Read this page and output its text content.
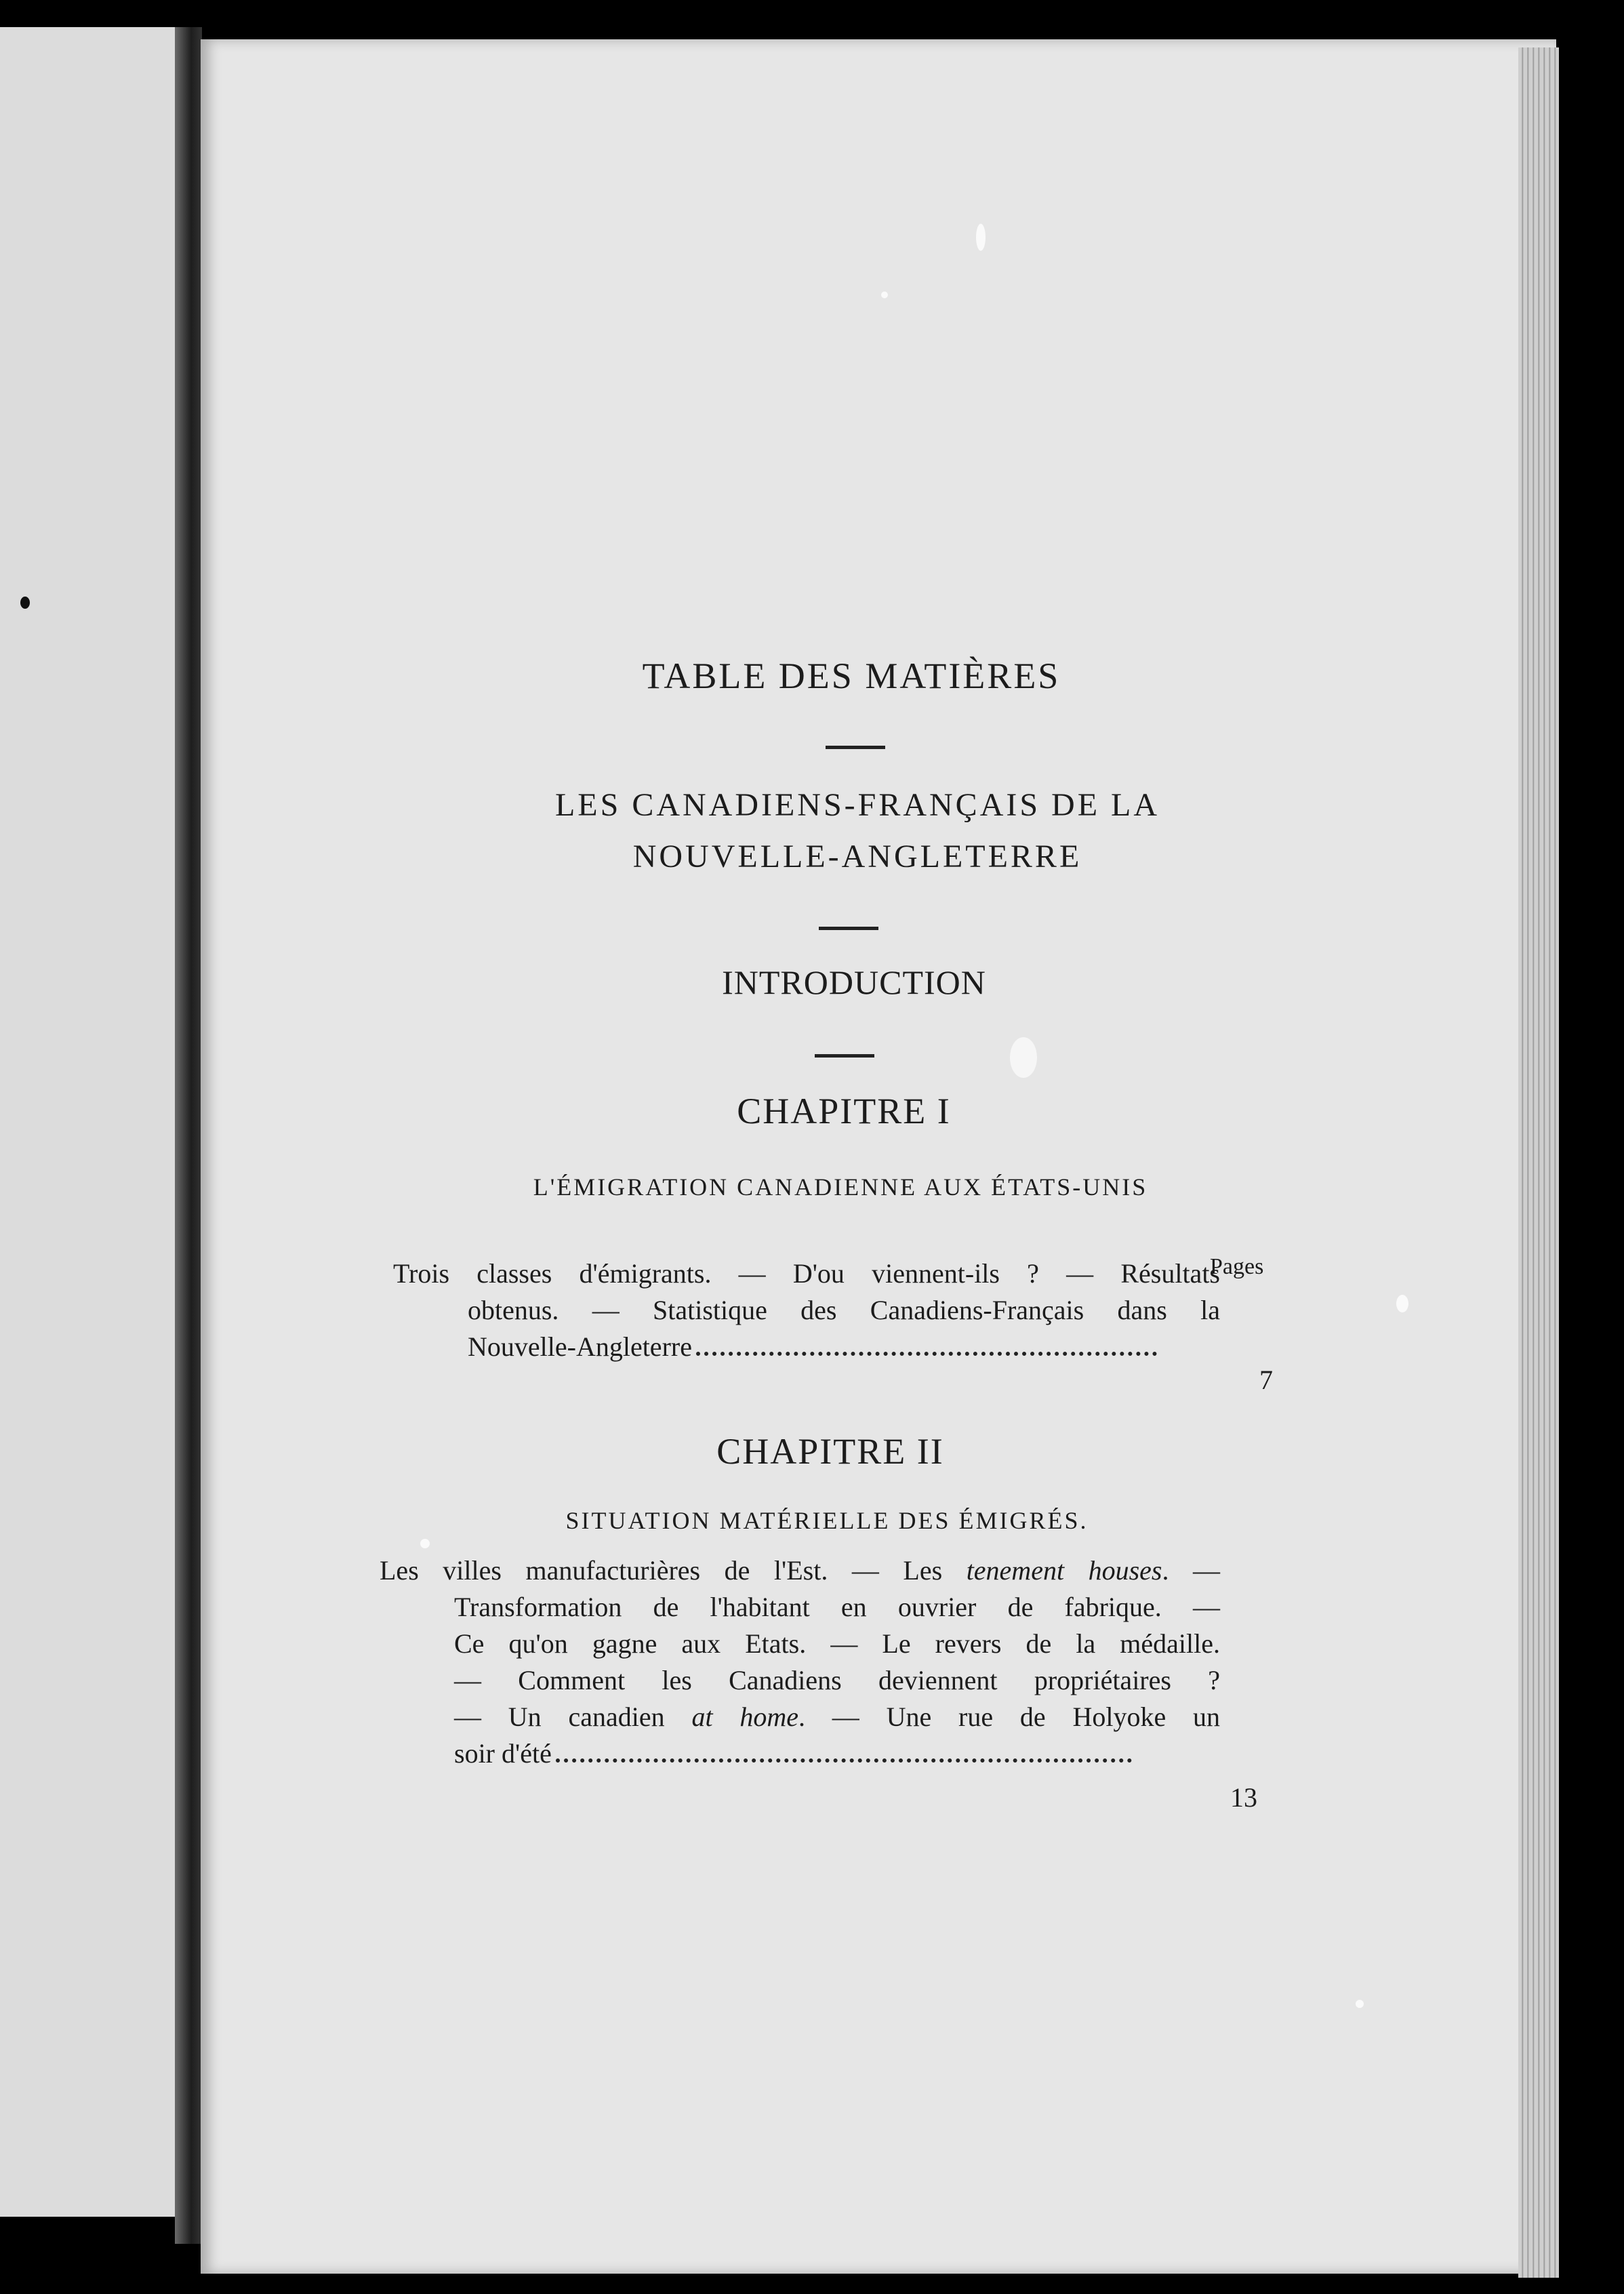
TABLE DES MATIÈRES
LES CANADIENS-FRANÇAIS DE LA
NOUVELLE-ANGLETERRE
INTRODUCTION
CHAPITRE I
L'ÉMIGRATION CANADIENNE AUX ÉTATS-UNIS
Pages
Trois classes d'émigrants. — D'ou viennent-ils ? — Résultats
obtenus. — Statistique des Canadiens-Français dans la
Nouvelle-Angleterre
7
CHAPITRE II
SITUATION MATÉRIELLE DES ÉMIGRÉS.
Les villes manufacturières de l'Est. — Les tenement houses. —
Transformation de l'habitant en ouvrier de fabrique. —
Ce qu'on gagne aux Etats. — Le revers de la médaille.
— Comment les Canadiens deviennent propriétaires ?
— Un canadien at home. — Une rue de Holyoke un
soir d'été
13
